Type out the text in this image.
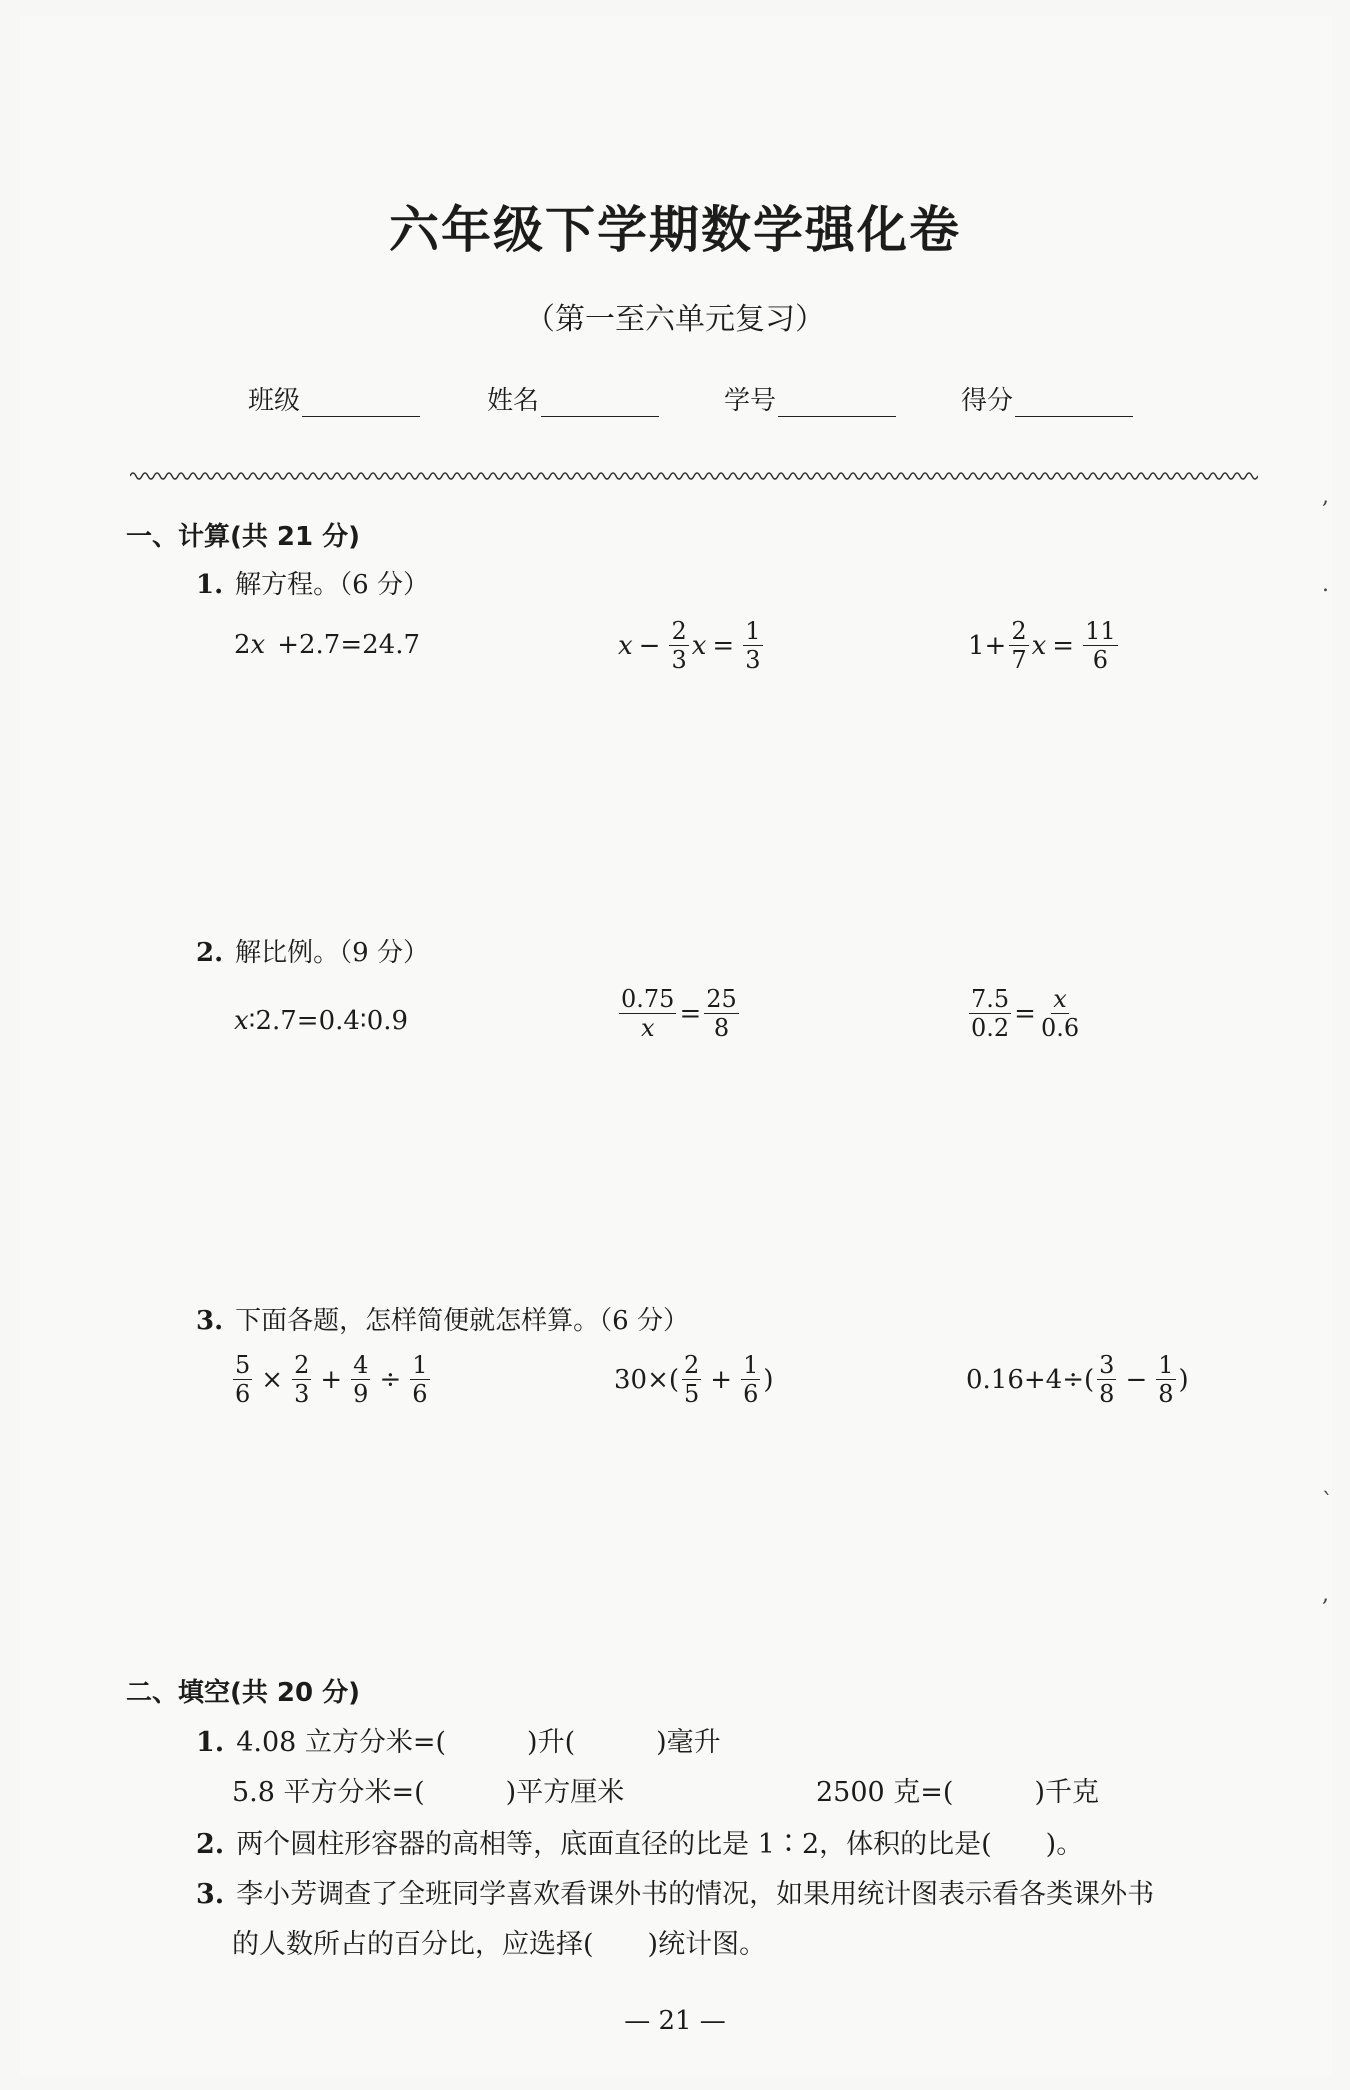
六年级下学期数学强化卷
（第一至六单元复习）
班级	姓名	学号	得分
,
.
`
,
一、计算(共 21 分)
1. 解方程。（6 分）
2 x +2.7=24.7	$x - \frac{2}{3}$ $x = \frac{1}{3}$	$1+ \frac{2}{7}$ $x = \frac{11}{6}$
2. 解比例。（9 分）
x ∶2.7=0.4∶0.9	$\frac{0.75}{x} = \frac{25}{8}$	$\frac{7.5}{0.2} = \frac{x}{0.6}$
3. 下面各题，怎样简便就怎样算。（6 分）
$\frac{5}{6} \times \frac{2}{3} + \frac{4}{9} \div \frac{1}{6}$	$30\times( \frac{2}{5} + \frac{1}{6}$ )	$0.16+4\div( \frac{3}{8} - \frac{1}{8}$ )
二、填空(共 20 分)
1. 4.08 立方分米=(　　　)升(　　　)毫升
5.8 平方分米=(　　　)平方厘米	2500 克=(　　　)千克
2. 两个圆柱形容器的高相等，底面直径的比是 1∶2，体积的比是(　　)。
3. 李小芳调查了全班同学喜欢看课外书的情况，如果用统计图表示看各类课外书
的人数所占的百分比，应选择(　　)统计图。
— 21 —
